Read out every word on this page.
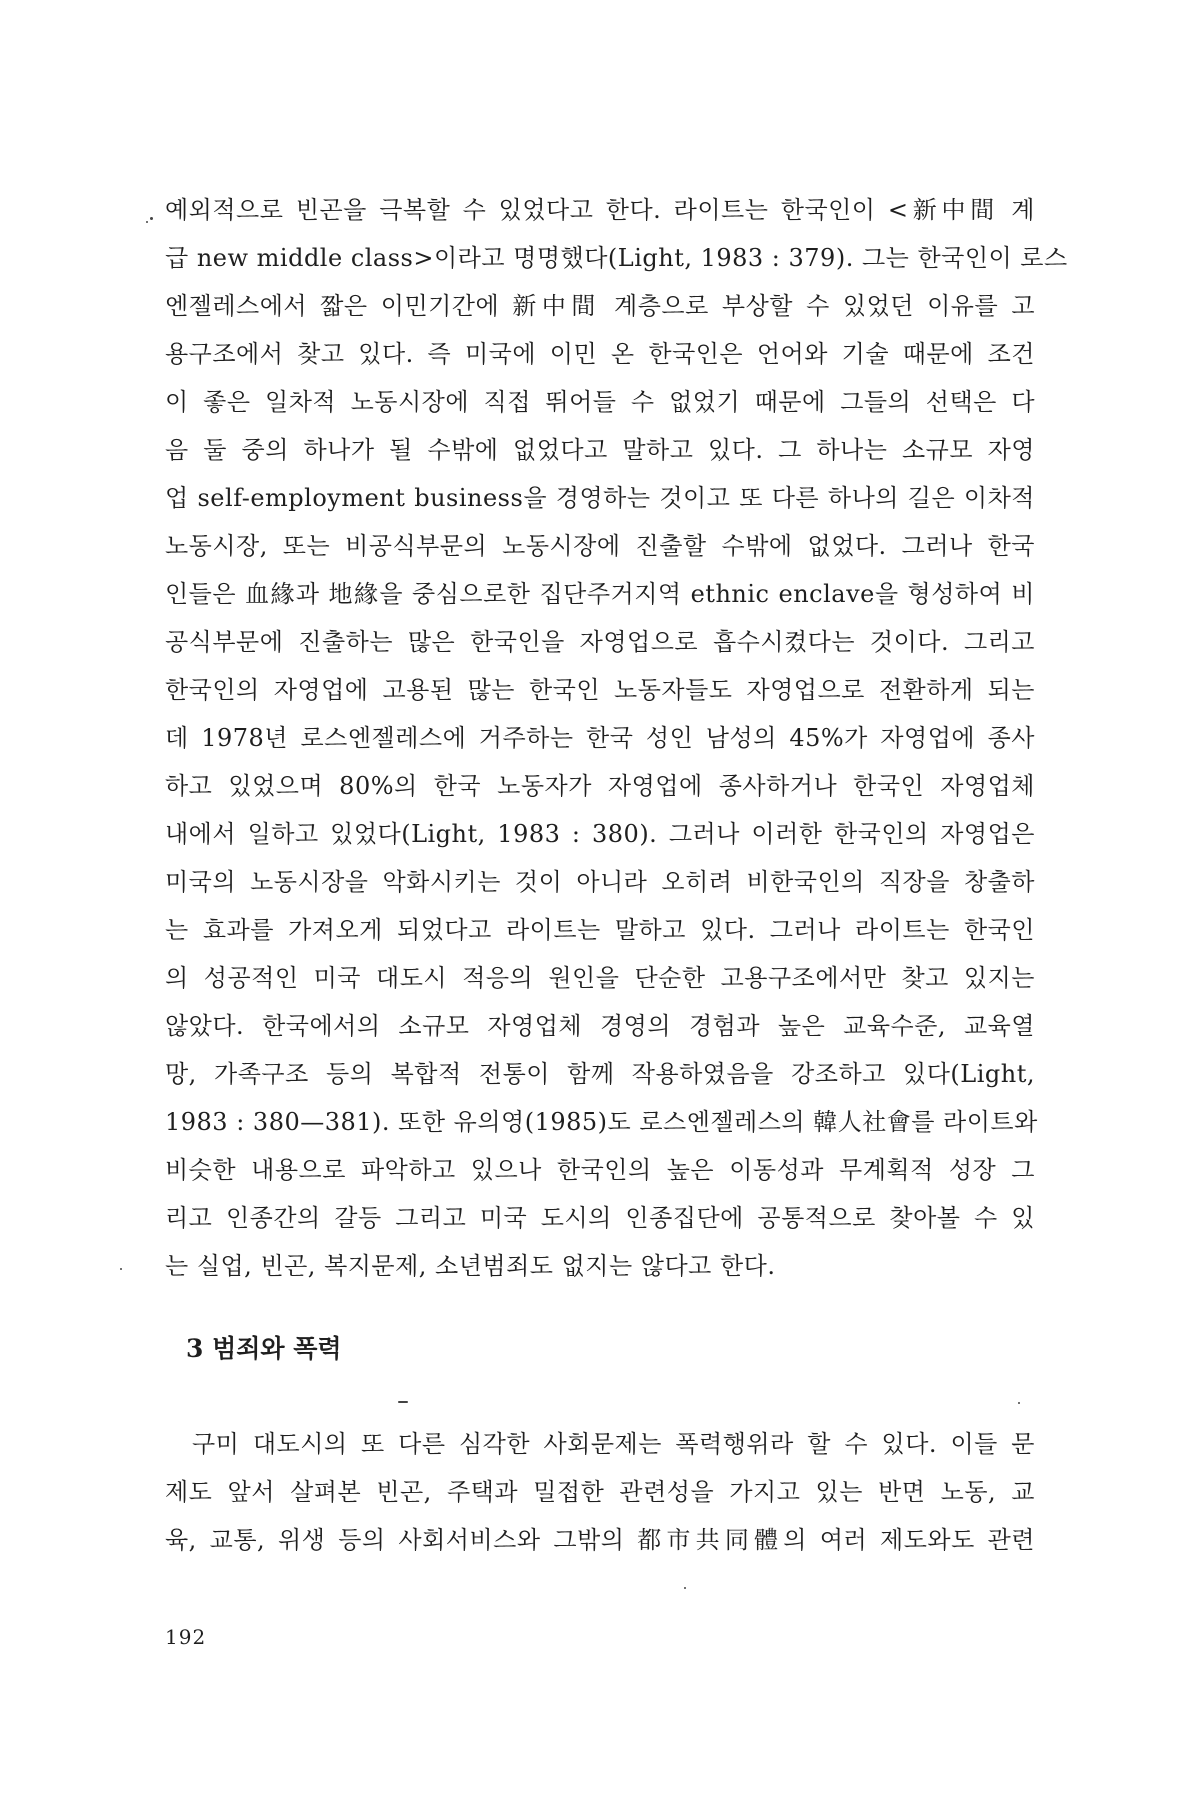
예외적으로 빈곤을 극복할 수 있었다고 한다. 라이트는 한국인이 <新中間 계
급 new middle class>이라고 명명했다(Light, 1983 : 379). 그는 한국인이 로스
엔젤레스에서 짧은 이민기간에 新中間 계층으로 부상할 수 있었던 이유를 고
용구조에서 찾고 있다. 즉 미국에 이민 온 한국인은 언어와 기술 때문에 조건
이 좋은 일차적 노동시장에 직접 뛰어들 수 없었기 때문에 그들의 선택은 다
음 둘 중의 하나가 될 수밖에 없었다고 말하고 있다. 그 하나는 소규모 자영
업 self-employment business을 경영하는 것이고 또 다른 하나의 길은 이차적
노동시장, 또는 비공식부문의 노동시장에 진출할 수밖에 없었다. 그러나 한국
인들은 血緣과 地緣을 중심으로한 집단주거지역 ethnic enclave을 형성하여 비
공식부문에 진출하는 많은 한국인을 자영업으로 흡수시켰다는 것이다. 그리고
한국인의 자영업에 고용된 많는 한국인 노동자들도 자영업으로 전환하게 되는
데 1978년 로스엔젤레스에 거주하는 한국 성인 남성의 45%가 자영업에 종사
하고 있었으며 80%의 한국 노동자가 자영업에 종사하거나 한국인 자영업체
내에서 일하고 있었다(Light, 1983 : 380). 그러나 이러한 한국인의 자영업은
미국의 노동시장을 악화시키는 것이 아니라 오히려 비한국인의 직장을 창출하
는 효과를 가져오게 되었다고 라이트는 말하고 있다. 그러나 라이트는 한국인
의 성공적인 미국 대도시 적응의 원인을 단순한 고용구조에서만 찾고 있지는
않았다. 한국에서의 소규모 자영업체 경영의 경험과 높은 교육수준, 교육열
망, 가족구조 등의 복합적 전통이 함께 작용하였음을 강조하고 있다(Light,
1983 : 380—381). 또한 유의영(1985)도 로스엔젤레스의 韓人社會를 라이트와
비슷한 내용으로 파악하고 있으나 한국인의 높은 이동성과 무계획적 성장 그
리고 인종간의 갈등 그리고 미국 도시의 인종집단에 공통적으로 찾아볼 수 있
는 실업, 빈곤, 복지문제, 소년범죄도 없지는 않다고 한다.
3 범죄와 폭력
구미 대도시의 또 다른 심각한 사회문제는 폭력행위라 할 수 있다. 이들 문
제도 앞서 살펴본 빈곤, 주택과 밀접한 관련성을 가지고 있는 반면 노동, 교
육, 교통, 위생 등의 사회서비스와 그밖의 都市共同體의 여러 제도와도 관련
192
